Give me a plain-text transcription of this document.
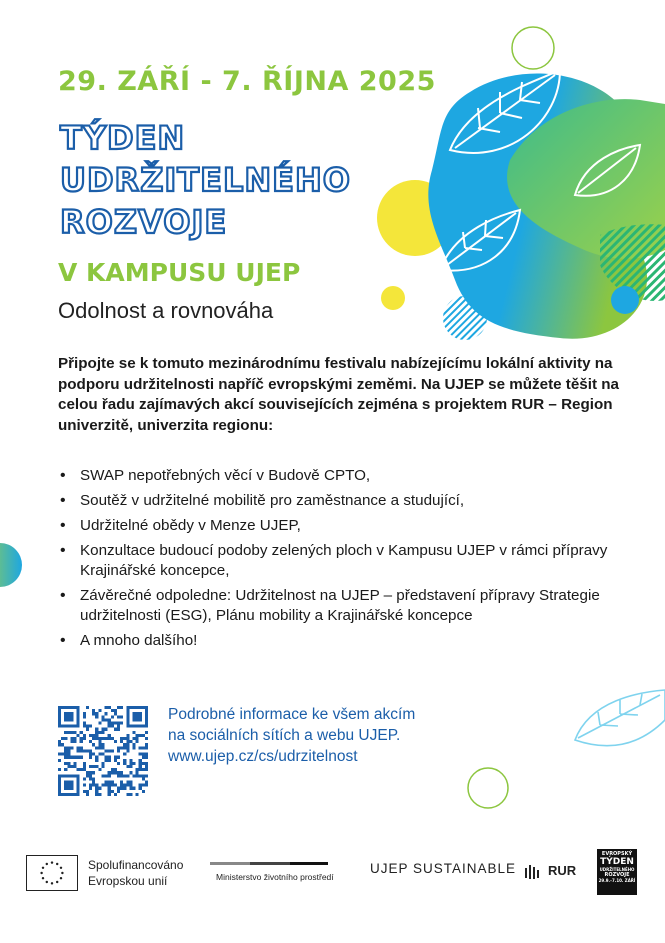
29. ZÁŘÍ - 7. ŘÍJNA 2025
TÝDEN
UDRŽITELNÉHO
ROZVOJE
V KAMPUSU UJEP
Odolnost a rovnováha
Připojte se k tomuto mezinárodnímu festivalu nabízejícímu lokální aktivity na podporu udržitelnosti napříč evropskými zeměmi. Na UJEP se můžete těšit na celou řadu zajímavých akcí souvisejících zejména s projektem RUR – Region univerzitě, univerzita regionu:
• SWAP nepotřebných věcí v Budově CPTO,
• Soutěž v udržitelné mobilitě pro zaměstnance a studující,
• Udržitelné obědy v Menze UJEP,
• Konzultace budoucí podoby zelených ploch v Kampusu UJEP v rámci přípravy Krajinářské koncepce,
• Závěrečné odpoledne: Udržitelnost na UJEP – představení přípravy Strategie udržitelnosti (ESG), Plánu mobility a Krajinářské koncepce
• A mnoho dalšího!
Podrobné informace ke všem akcím
na sociálních sítích a webu UJEP.
www.ujep.cz/cs/udrzitelnost
Spolufinancováno
Evropskou unií	Ministerstvo životního prostředí
UJEP SUSTAINABLE RUR
EVROPSKÝ
TÝDEN
UDRŽITELNÉHO
ROZVOJE
29.9.–7.10. ZÁŘÍ
